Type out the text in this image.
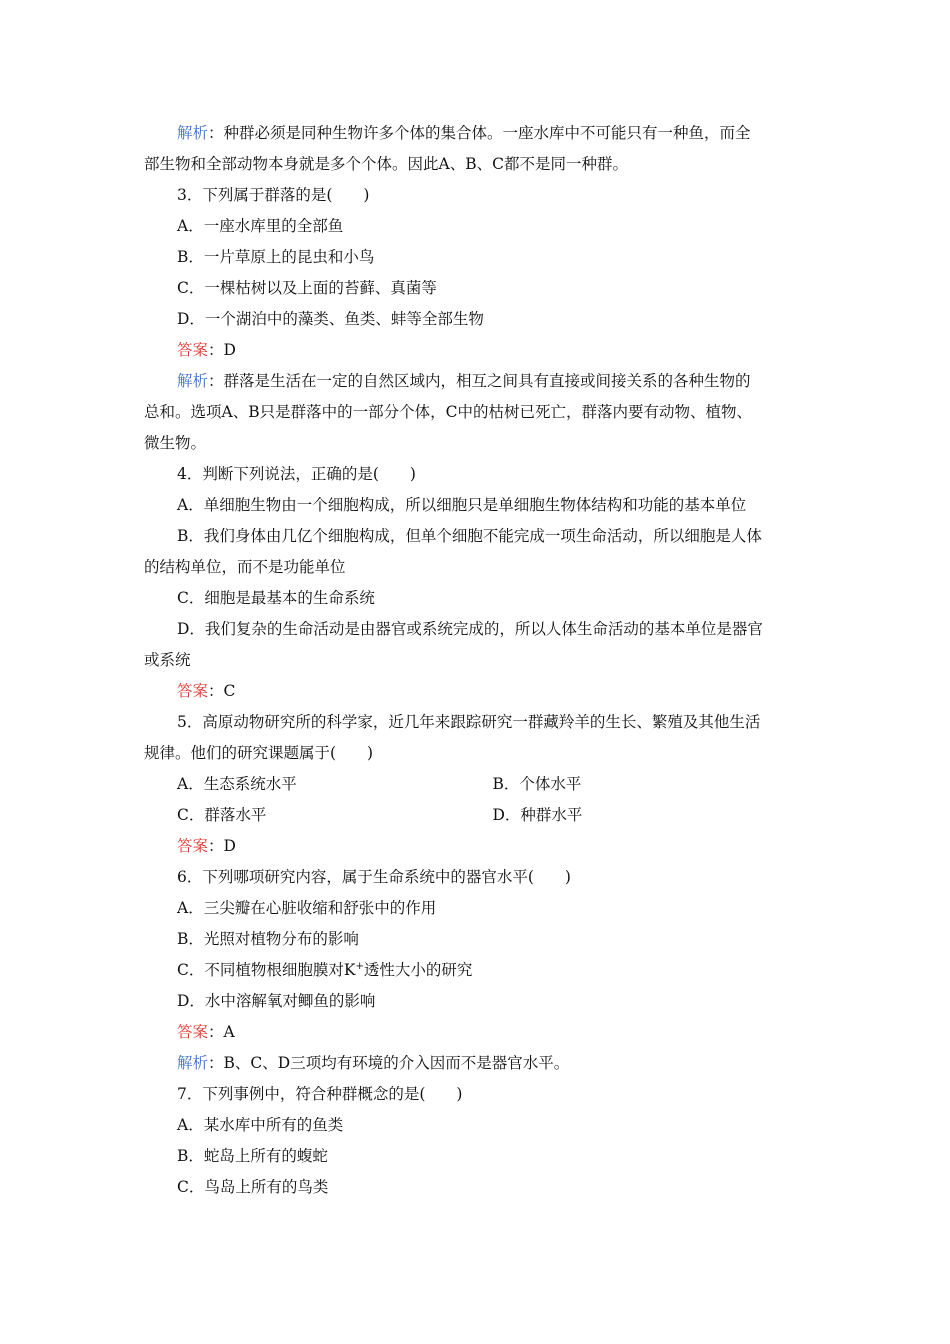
解析：种群必须是同种生物许多个体的集合体。一座水库中不可能只有一种鱼，而全
部生物和全部动物本身就是多个个体。因此A、B、C都不是同一种群。
3．下列属于群落的是(　　)
A．一座水库里的全部鱼
B．一片草原上的昆虫和小鸟
C．一棵枯树以及上面的苔藓、真菌等
D．一个湖泊中的藻类、鱼类、蚌等全部生物
答案：D
解析：群落是生活在一定的自然区域内，相互之间具有直接或间接关系的各种生物的
总和。选项A、B只是群落中的一部分个体，C中的枯树已死亡，群落内要有动物、植物、
微生物。
4．判断下列说法，正确的是(　　)
A．单细胞生物由一个细胞构成，所以细胞只是单细胞生物体结构和功能的基本单位
B．我们身体由几亿个细胞构成，但单个细胞不能完成一项生命活动，所以细胞是人体
的结构单位，而不是功能单位
C．细胞是最基本的生命系统
D．我们复杂的生命活动是由器官或系统完成的，所以人体生命活动的基本单位是器官
或系统
答案：C
5．高原动物研究所的科学家，近几年来跟踪研究一群藏羚羊的生长、繁殖及其他生活
规律。他们的研究课题属于(　　)
A．生态系统水平	B．个体水平
C．群落水平	D．种群水平
答案：D
6．下列哪项研究内容，属于生命系统中的器官水平(　　)
A．三尖瓣在心脏收缩和舒张中的作用
B．光照对植物分布的影响
C．不同植物根细胞膜对K+透性大小的研究
D．水中溶解氧对鲫鱼的影响
答案：A
解析：B、C、D三项均有环境的介入因而不是器官水平。
7．下列事例中，符合种群概念的是(　　)
A．某水库中所有的鱼类
B．蛇岛上所有的蝮蛇
C．鸟岛上所有的鸟类
